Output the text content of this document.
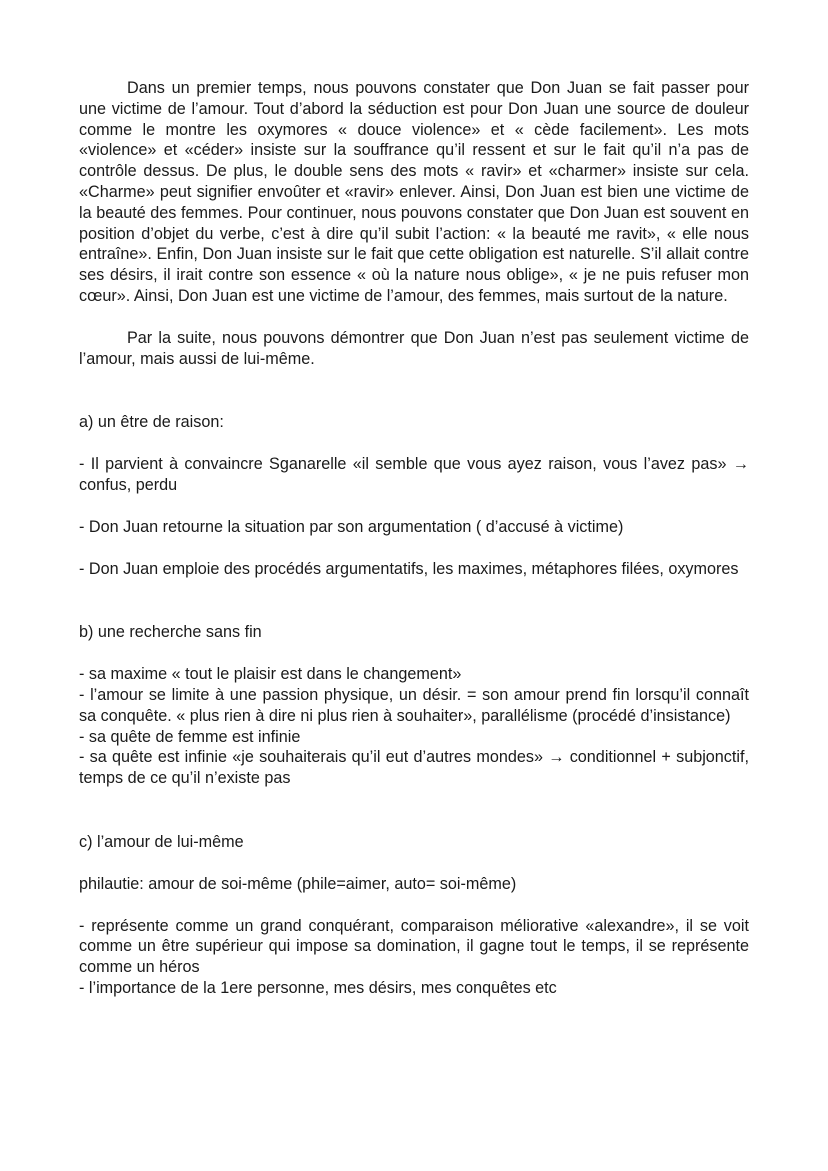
Dans un premier temps, nous pouvons constater que Don Juan se fait passer pour une victime de l’amour. Tout d’abord la séduction est pour Don Juan une source de douleur comme le montre les oxymores « douce violence» et « cède facilement». Les mots «violence» et «céder» insiste sur la souffrance qu’il ressent et sur le fait qu’il n’a pas de contrôle dessus. De plus, le double sens des mots « ravir» et «charmer» insiste sur cela. «Charme» peut signifier envoûter et «ravir» enlever. Ainsi, Don Juan est bien une victime de la beauté des femmes. Pour continuer, nous pouvons constater que Don Juan est souvent en position d’objet du verbe, c’est à dire qu’il subit l’action: « la beauté me ravit», « elle nous entraîne». Enfin, Don Juan insiste sur le fait que cette obligation est naturelle. S’il allait contre ses désirs, il irait contre son essence « où la nature nous oblige», « je ne puis refuser mon cœur». Ainsi, Don Juan est une victime de l’amour, des femmes, mais surtout de la nature.

Par la suite, nous pouvons démontrer que Don Juan n’est pas seulement victime de l’amour, mais aussi de lui-même.

a) un être de raison:

- Il parvient à convaincre Sganarelle «il semble que vous ayez raison, vous l’avez pas» → confus, perdu

- Don Juan retourne la situation par son argumentation ( d’accusé à victime)

- Don Juan emploie des procédés argumentatifs, les maximes, métaphores filées, oxymores

b) une recherche sans fin

- sa maxime « tout le plaisir est dans le changement»

- l’amour se limite à une passion physique, un désir. = son amour prend fin lorsqu’il connaît sa conquête. « plus rien à dire ni plus rien à souhaiter», parallélisme (procédé d’insistance)

- sa quête de femme est infinie

- sa quête est infinie «je souhaiterais qu’il eut d’autres mondes» → conditionnel + subjonctif, temps de ce qu’il n’existe pas

c) l’amour de lui-même

philautie: amour de soi-même (phile=aimer, auto= soi-même)

- représente comme un grand conquérant, comparaison méliorative «alexandre», il se voit comme un être supérieur qui impose sa domination, il gagne tout le temps, il se représente comme un héros

- l’importance de la 1ere personne, mes désirs, mes conquêtes etc
